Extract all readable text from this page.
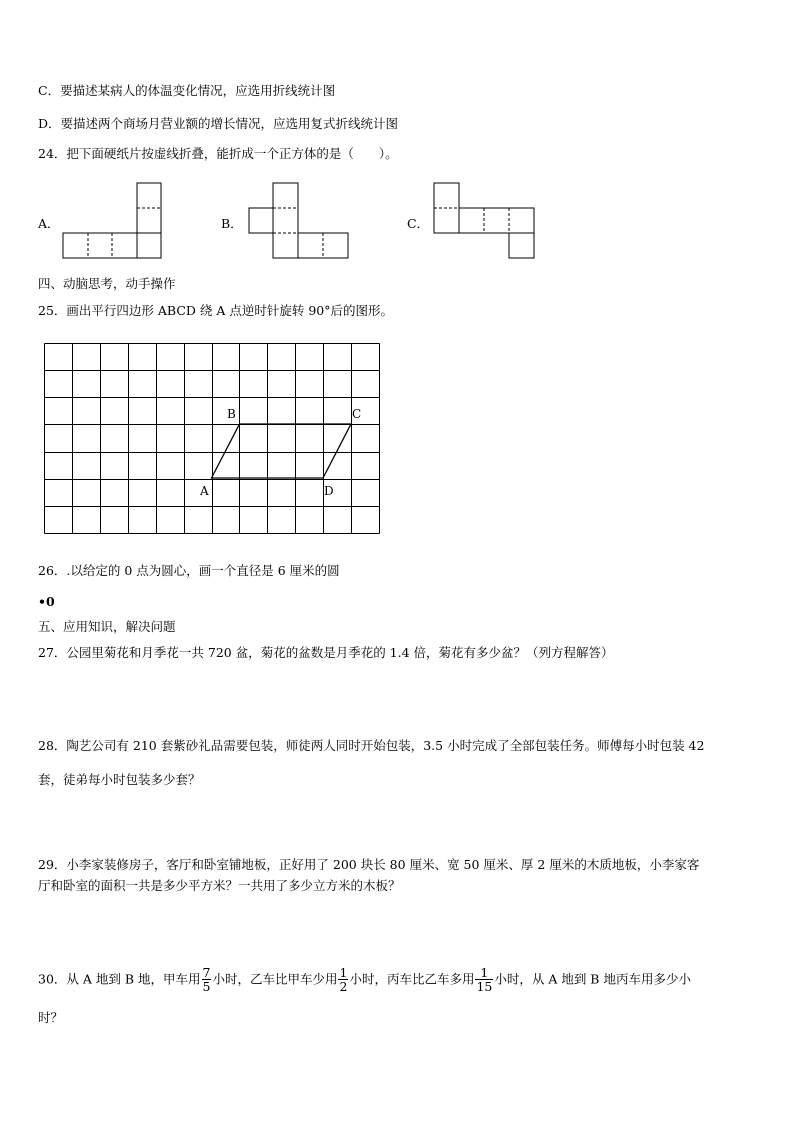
C．要描述某病人的体温变化情况，应选用折线统计图
D．要描述两个商场月营业额的增长情况，应选用复式折线统计图
24．把下面硬纸片按虚线折叠，能折成一个正方体的是（　　）。
A．	B．	C．
四、动脑思考，动手操作
25．画出平行四边形 ABCD 绕 A 点逆时针旋转 90°后的图形。
B	C
A	D
26．.以给定的 0 点为圆心，画一个直径是 6 厘米的圆
•0
五、应用知识，解决问题
27．公园里菊花和月季花一共 720 盆，菊花的盆数是月季花的 1.4 倍，菊花有多少盆？（列方程解答）
28．陶艺公司有 210 套紫砂礼品需要包装，师徒两人同时开始包装，3.5 小时完成了全部包装任务。师傅每小时包装 42
套，徒弟每小时包装多少套？
29．小李家装修房子，客厅和卧室铺地板，正好用了 200 块长 80 厘米、宽 50 厘米、厚 2 厘米的木质地板，小李家客
厅和卧室的面积一共是多少平方米？一共用了多少立方米的木板？
30．从 A 地到 B 地，甲车用 $\frac{7}{5}$ 小时，乙车比甲车少用 $\frac{1}{2}$ 小时，丙车比乙车多用 $\frac{1}{15}$ 小时，从 A 地到 B 地丙车用多少小
时？
